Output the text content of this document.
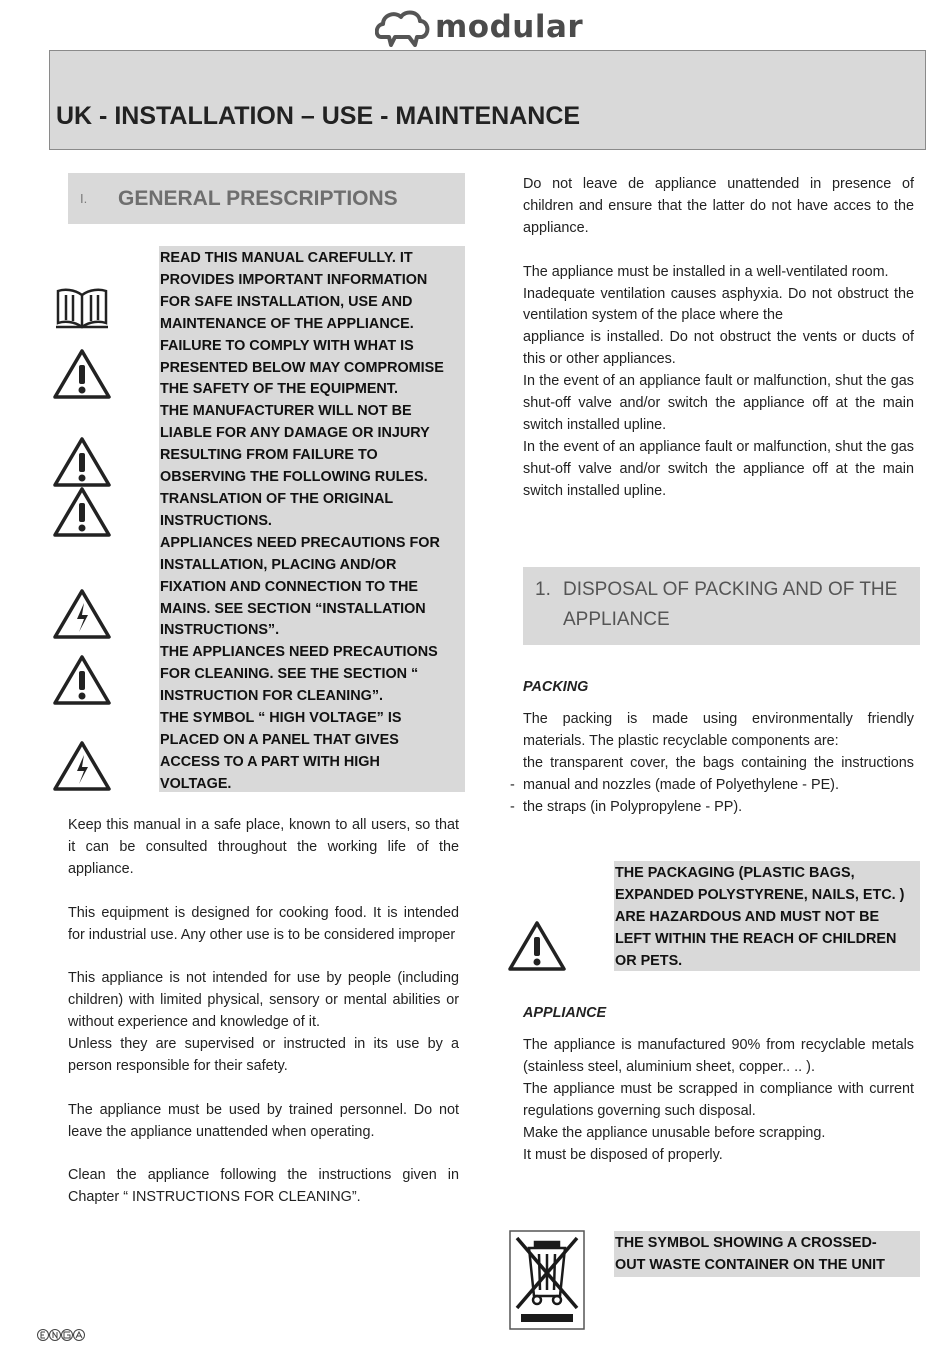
modular
UK - INSTALLATION – USE - MAINTENANCE
I.	GENERAL PRESCRIPTIONS

READ THIS MANUAL CAREFULLY. IT

PROVIDES IMPORTANT INFORMATION

FOR SAFE INSTALLATION, USE AND

MAINTENANCE OF THE APPLIANCE.

FAILURE TO COMPLY WITH WHAT IS

PRESENTED BELOW MAY COMPROMISE

THE SAFETY OF THE EQUIPMENT.

THE MANUFACTURER WILL NOT BE

LIABLE FOR ANY DAMAGE OR INJURY

RESULTING FROM FAILURE TO

OBSERVING THE FOLLOWING RULES.

TRANSLATION OF THE ORIGINAL

INSTRUCTIONS.

APPLIANCES NEED PRECAUTIONS FOR

INSTALLATION, PLACING AND/OR

FIXATION AND CONNECTION TO THE

MAINS. SEE SECTION “INSTALLATION

INSTRUCTIONS”.

THE APPLIANCES NEED PRECAUTIONS

FOR CLEANING. SEE THE SECTION “

INSTRUCTION FOR CLEANING”.

THE SYMBOL “ HIGH VOLTAGE” IS

PLACED ON A PANEL THAT GIVES

ACCESS TO A PART WITH HIGH

VOLTAGE.

Keep this manual in a safe place, known to all users, so that it can be consulted throughout the working life of the appliance.

This equipment is designed for cooking food. It is intended for industrial use. Any other use is to be considered improper

This appliance is not intended for use by people (including children) with limited physical, sensory or mental abilities or without experience and knowledge of it.

Unless they are supervised or instructed in its use by a person responsible for their safety.

The appliance must be used by trained personnel. Do not leave the appliance unattended when operating.

Clean the appliance following the instructions given in Chapter “ INSTRUCTIONS FOR CLEANING”.

Do not leave de appliance unattended in presence of children and ensure that the latter do not have acces to the appliance.

The appliance must be installed in a well-ventilated room.

Inadequate ventilation causes asphyxia. Do not obstruct the ventilation system of the place where the

appliance is installed. Do not obstruct the vents or ducts of this or other appliances.

In the event of an appliance fault or malfunction, shut the gas shut-off valve and/or switch the appliance off at the main switch installed upline.

In the event of an appliance fault or malfunction, shut the gas shut-off valve and/or switch the appliance off at the main switch installed upline.

1. DISPOSAL OF PACKING AND OF THE
APPLIANCE
PACKING

The packing is made using environmentally friendly materials. The plastic recyclable components are:

-
the transparent cover, the bags containing the instructions manual and nozzles (made of Polyethylene - PE).
- the straps (in Polypropylene - PP).
THE PACKAGING (PLASTIC BAGS,
EXPANDED POLYSTYRENE, NAILS, ETC. )
ARE HAZARDOUS AND MUST NOT BE
LEFT WITHIN THE REACH OF CHILDREN
OR PETS.
APPLIANCE

The appliance is manufactured 90% from recyclable metals (stainless steel, aluminium sheet, copper.. .. ).

The appliance must be scrapped in compliance with current regulations governing such disposal.

Make the appliance unusable before scrapping.

It must be disposed of properly.

THE SYMBOL SHOWING A CROSSED-
OUT WASTE CONTAINER ON THE UNIT
